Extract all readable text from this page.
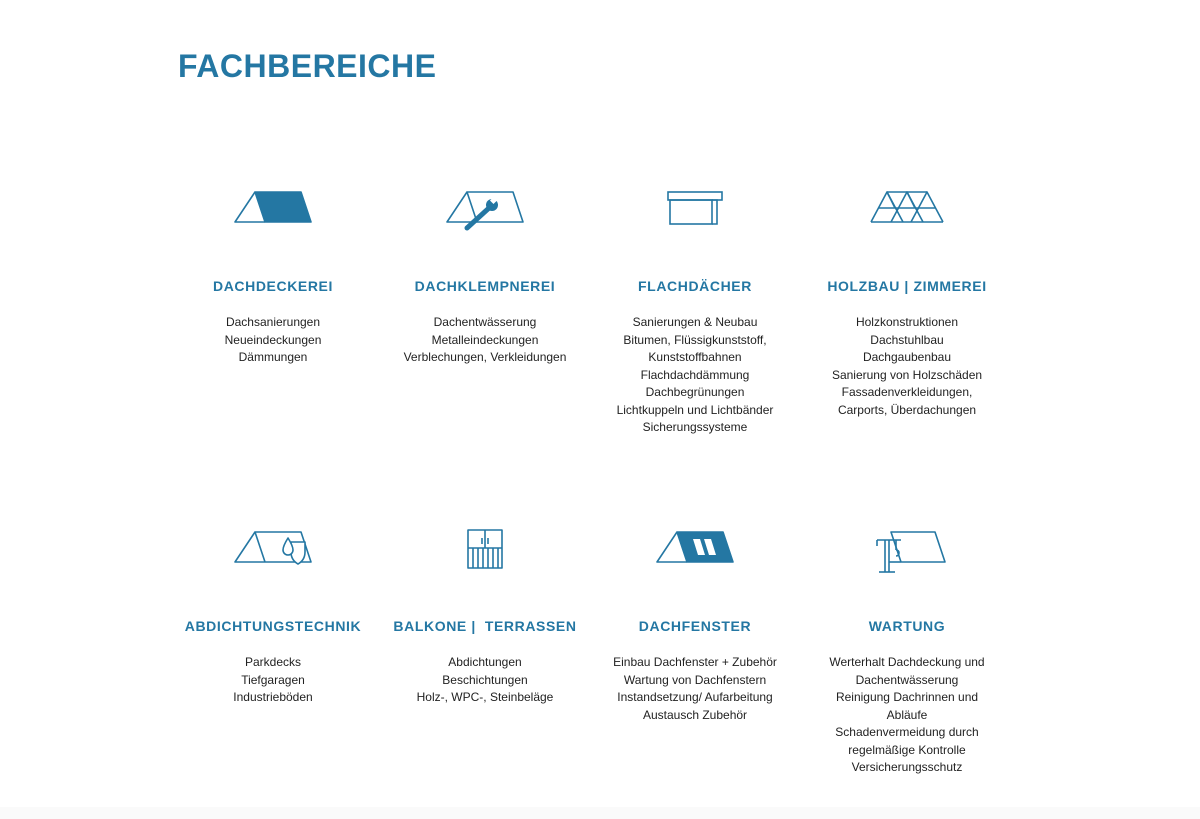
FACHBEREICHE
DACHDECKEREI
Dachsanierungen
Neueindeckungen
Dämmungen
DACHKLEMPNEREI
Dachentwässerung
Metalleindeckungen
Verblechungen, Verkleidungen
FLACHDÄCHER
Sanierungen & Neubau
Bitumen, Flüssigkunststoff,
Kunststoffbahnen
Flachdachdämmung
Dachbegrünungen
Lichtkuppeln und Lichtbänder
Sicherungssysteme
HOLZBAU | ZIMMEREI
Holzkonstruktionen
Dachstuhlbau
Dachgaubenbau
Sanierung von Holzschäden
Fassadenverkleidungen,
Carports, Überdachungen
ABDICHTUNGSTECHNIK
Parkdecks
Tiefgaragen
Industrieböden
BALKONE |  TERRASSEN
Abdichtungen
Beschichtungen
Holz-, WPC-, Steinbeläge
DACHFENSTER
Einbau Dachfenster + Zubehör
Wartung von Dachfenstern
Instandsetzung/ Aufarbeitung
Austausch Zubehör
WARTUNG
Werterhalt Dachdeckung und
Dachentwässerung
Reinigung Dachrinnen und
Abläufe
Schadenvermeidung durch
regelmäßige Kontrolle
Versicherungsschutz
